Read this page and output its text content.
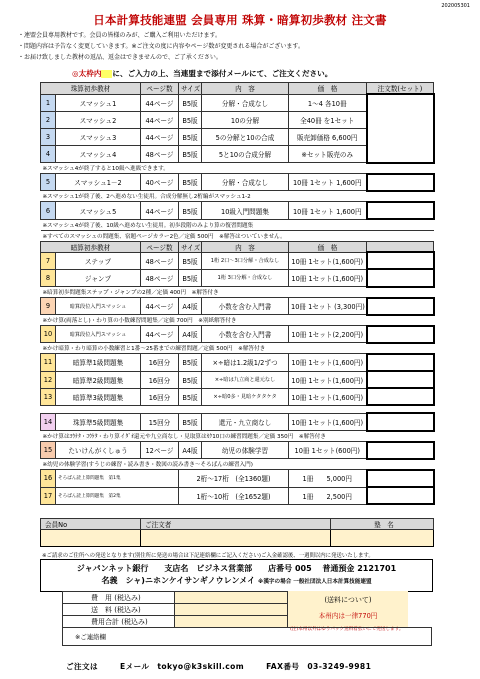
202005301
日本計算技能連盟 会員専用 珠算・暗算初歩教材 注文書
・連盟会員専用教材です。会員の皆様のみが、ご購入ご利用いただけます。
・問題内容は予告なく変更していきます。※ご注文の度に内容やページ数が変更される場合がございます。
・お届け致しました教材の返品、返金はできませんので、ご了承ください。
◎太枠内 に、ご入力の上、当連盟まで添付メールにて、ご注文ください。
珠算初歩教材		ページ数	サイズ	内　容	価　格	注文数(セット)
1	スマッシュ1	44ページ	B5版	分解・合成なし	1～4 各10冊	
2	スマッシュ2	44ページ	B5版	10の分解	全40冊 を1セット	
3	スマッシュ3	44ページ	B5版	5の分解と10の合成	販売卸価格 6,600円	
4	スマッシュ4	48ページ	B5版	5と10の合成分解	※セット販売のみ	
※スマッシュ4が終了すると10級へ進級できます。						
5	スマッシュ1－2	40ページ	B5版	分解・合成なし	10冊 1セット 1,600円	
※スマッシュ1が終了後、2へ進めない生徒用。合成分解無し2桁編がスマッシュ1-2						
6	スマッシュ5	44ページ	B5版	10級入門問題集	10冊 1セット 1,600円	
※スマッシュ4が終了後、10級へ進めない生徒用。初歩段階のみより算の復習問題集						
※すべてのスマッシュの問題集、宿題ページカラー2色／定価 500円　※解答はついていません。						
暗算初歩教材		ページ数	サイズ	内　容	価　格	
7	ステップ	48ページ	B5版	1桁 2口～3口分解・合成なし	10冊 1セット(1,600円)	
8	ジャンプ	48ページ	B5版	1桁 3口分解・合成なし	10冊 1セット(1,600円)	
※暗算初歩問題集ステップ・ジャンプの2種／定価 400円　※解答付き						
9	暗算段位入門スマッシュ	44ページ	A4版	小数を含む入門書	10冊 1セット (3,300円)	
※かけ算(両落とし)・わり算の小数練習問題集／定価 700円　※別紙解答付き						
10	暗算段位入門スマッシュ	44ページ	A4版	小数を含む入門書	10冊 1セット(2,200円)	
※かけ暗算・わり暗算の小数練習と1番～25番までの練習問題／定価 500円　※解答付き						
11	暗算準1級問題集	16回分	B5版	×÷暗は1.2級1/2ずつ	10冊 1セット(1,600円)	
12	暗算準2級問題集	16回分	B5版	×÷暗は九立商と還元なし	10冊 1セット(1,600円)	
13	暗算準3級問題集	16回分	B5版	×÷暗0多・見暗ケタタケタ	10冊 1セット(1,600円)	

14	珠算準5級問題集	15回分	B5版	還元・九立商なし	10冊 1セット(1,600円)	
※かけ算はﾖｳｹﾀ・ｺｳｹﾀ・わり算イﾀﾞｵ還元や九立商なし・見取算はｶｸ10口の練習問題集／定価 350円　※解答付き						
15	たいけんがくしゅう	12ページ	A4版	幼児の体験学習	10冊 1セット(600円)	
※幼児の体験学習(すうじの練習・読み書き・数図の読み書き～そろばんの練習入門)						
16	そろばん読上算問題集　第1集		2桁～17桁　(全1360題)		1冊　　5,000円	
17	そろばん読上算問題集　第2集		1桁～10桁　(全1652題)		1冊　　2,500円	
会員No	ご注文者	塾　名

※ご請求のご住所への発送となります(別住所に発送の場合は下記連絡欄にご記入ください)ご入金確認後、一週間以内に発送いたします。
ジャパンネット銀行　　支店名　ビジネス営業部　　店番号 005　 普通預金 2121701
名義　シャ)ニホンケイサンギノウレンメイ ※漢字の場合 一般社団法人日本計算技能連盟
費　用 (税込み)	
送　料 (税込み)	
費用合計 (税込み)	
(送料について)
本州内は一律770円
(注)本州以外はゆうパック送料着払いにて発送します。
※ご連絡欄
ご注文は	Eメール　tokyo@k3skill.com	FAX番号　03-3249-9981
